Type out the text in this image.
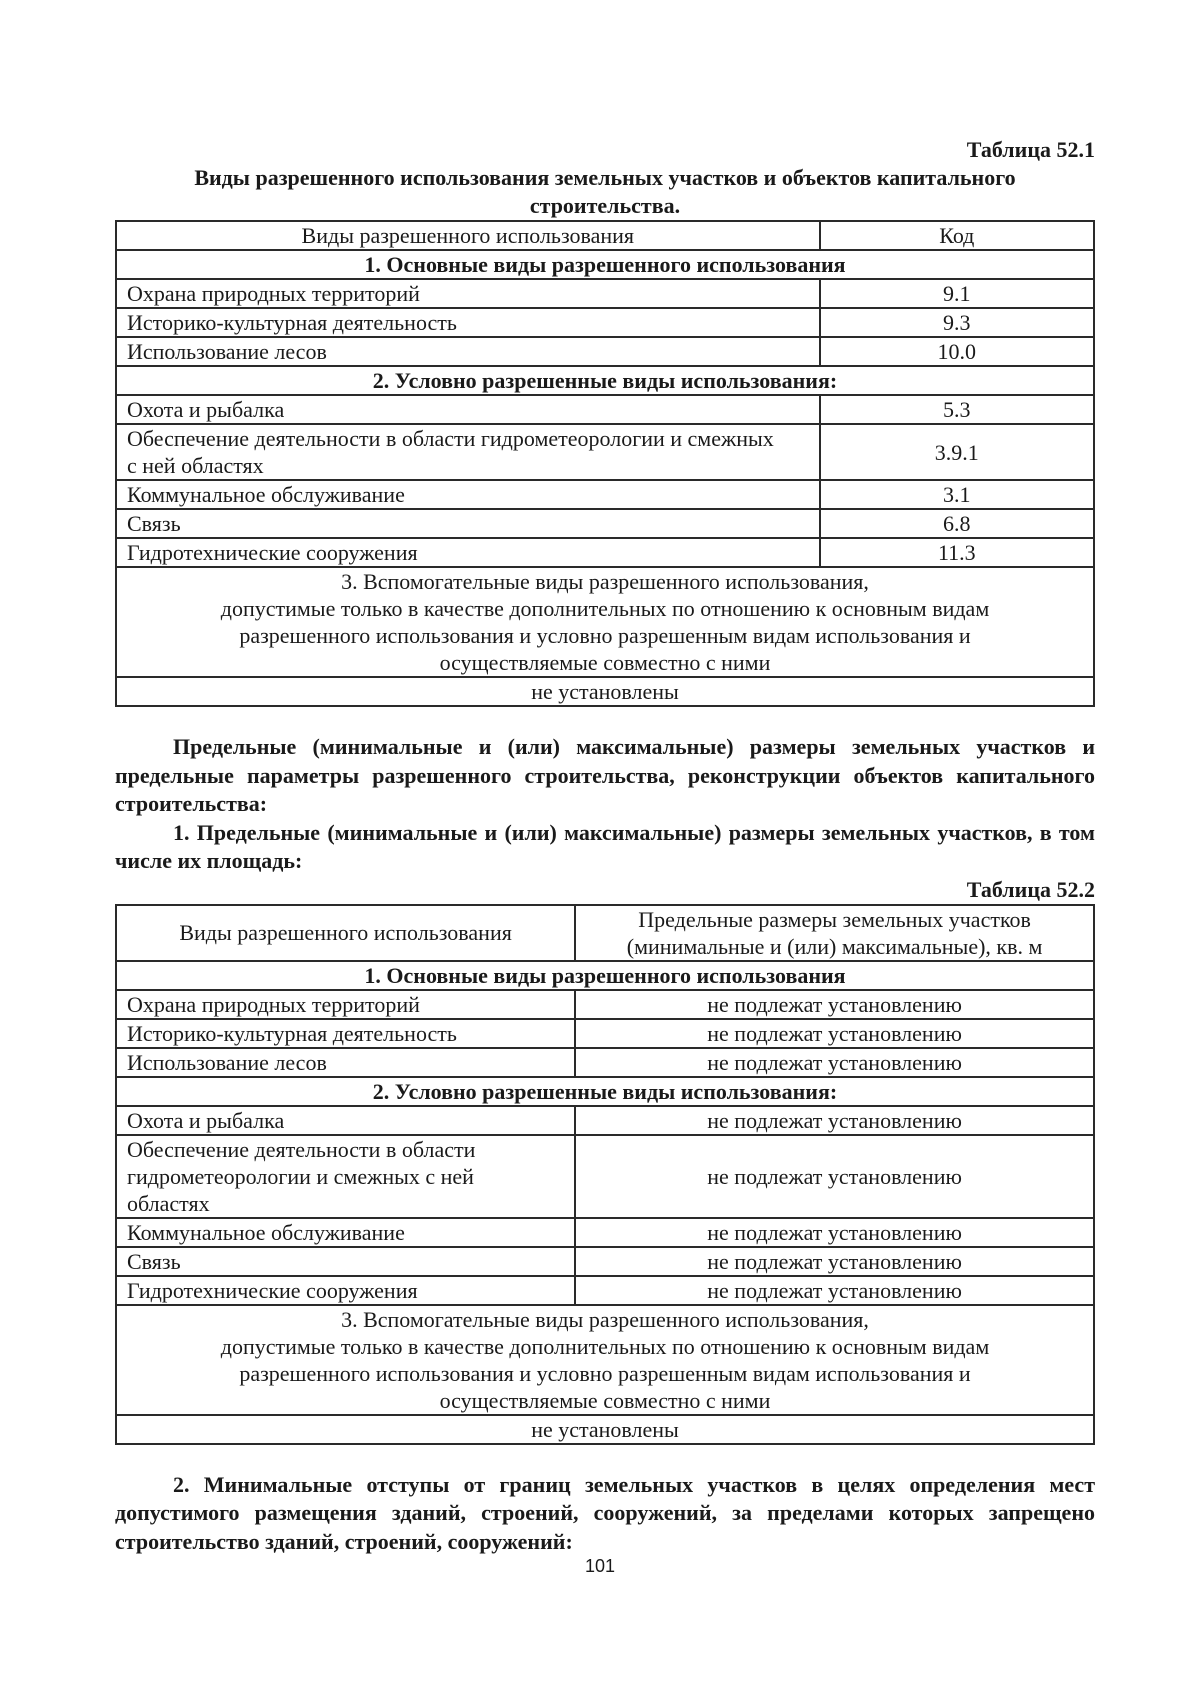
Таблица 52.1
Виды разрешенного использования земельных участков и объектов капитального строительства.
Виды разрешенного использования	Код
1. Основные виды разрешенного использования	
Охрана природных территорий	9.1
Историко-культурная деятельность	9.3
Использование лесов	10.0
2. Условно разрешенные виды использования:	
Охота и рыбалка	5.3
Обеспечение деятельности в области гидрометеорологии и смежных с ней областях	3.9.1
Коммунальное обслуживание	3.1
Связь	6.8
Гидротехнические сооружения	11.3

3. Вспомогательные виды разрешенного использования,
допустимые только в качестве дополнительных по отношению к основным видам разрешенного использования и условно разрешенным видам использования и осуществляемые совместно с ними	

не установлены	

Предельные (минимальные и (или) максимальные) размеры земельных участков и предельные параметры разрешенного строительства, реконструкции объектов капитального строительства:

1. Предельные (минимальные и (или) максимальные) размеры земельных участков, в том числе их площадь:

Таблица 52.2
Виды разрешенного использования	Предельные размеры земельных участков (минимальные и (или) максимальные), кв. м
1. Основные виды разрешенного использования	
Охрана природных территорий	не подлежат установлению
Историко-культурная деятельность	не подлежат установлению
Использование лесов	не подлежат установлению
2. Условно разрешенные виды использования:	
Охота и рыбалка	не подлежат установлению
Обеспечение деятельности в области гидрометеорологии и смежных с ней областях	не подлежат установлению
Коммунальное обслуживание	не подлежат установлению
Связь	не подлежат установлению
Гидротехнические сооружения	не подлежат установлению

3. Вспомогательные виды разрешенного использования,
допустимые только в качестве дополнительных по отношению к основным видам разрешенного использования и условно разрешенным видам использования и осуществляемые совместно с ними	

не установлены	

2. Минимальные отступы от границ земельных участков в целях определения мест допустимого размещения зданий, строений, сооружений, за пределами которых запрещено строительство зданий, строений, сооружений:

101
